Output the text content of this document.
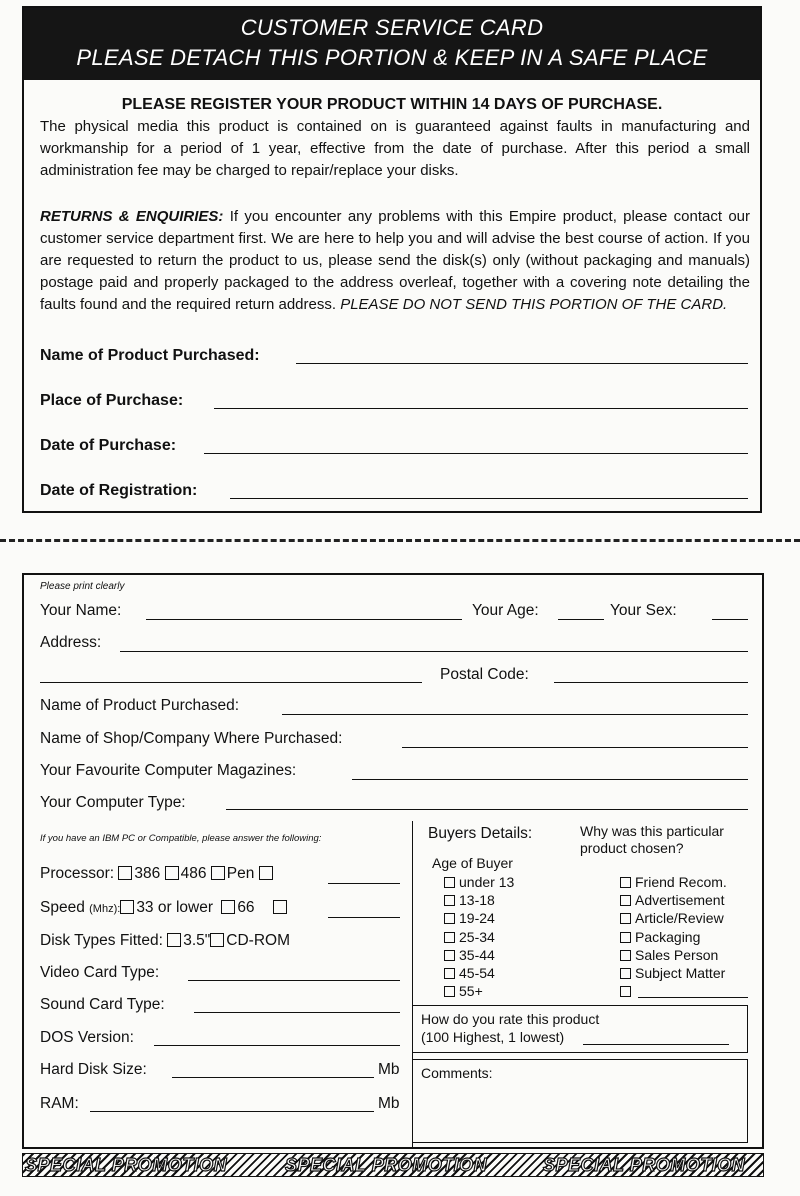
CUSTOMER SERVICE CARD
PLEASE DETACH THIS PORTION & KEEP IN A SAFE PLACE
PLEASE REGISTER YOUR PRODUCT WITHIN 14 DAYS OF PURCHASE.
The physical media this product is contained on is guaranteed against faults in manufacturing and workmanship for a period of 1 year, effective from the date of purchase. After this period a small administration fee may be charged to repair/replace your disks.
RETURNS & ENQUIRIES: If you encounter any problems with this Empire product, please contact our customer service department first. We are here to help you and will advise the best course of action. If you are requested to return the product to us, please send the disk(s) only (without packaging and manuals) postage paid and properly packaged to the address overleaf, together with a covering note detailing the faults found and the required return address. PLEASE DO NOT SEND THIS PORTION OF THE CARD.
Name of Product Purchased:
Place of Purchase:
Date of Purchase:
Date of Registration:
Please print clearly
Your Name:	Your Age:	Your Sex:
Address:
Postal Code:
Name of Product Purchased:
Name of Shop/Company Where Purchased:
Your Favourite Computer Magazines:
Your Computer Type:
If you have an IBM PC or Compatible, please answer the following:
Processor: 386 486 Pen
Speed (Mhz): 33 or lower 66
Disk Types Fitted: 3.5" CD-ROM
Video Card Type:
Sound Card Type:
DOS Version:
Hard Disk Size:	Mb
RAM:	Mb
Buyers Details:
Age of Buyer
under 13
13-18
19-24
25-34
35-44
45-54
55+
Why was this particular
product chosen?
Friend Recom.
Advertisement
Article/Review
Packaging
Sales Person
Subject Matter
How do you rate this product
(100 Highest, 1 lowest)
Comments:
SPECIAL PROMOTION	SPECIAL PROMOTION	SPECIAL PROMOTION
